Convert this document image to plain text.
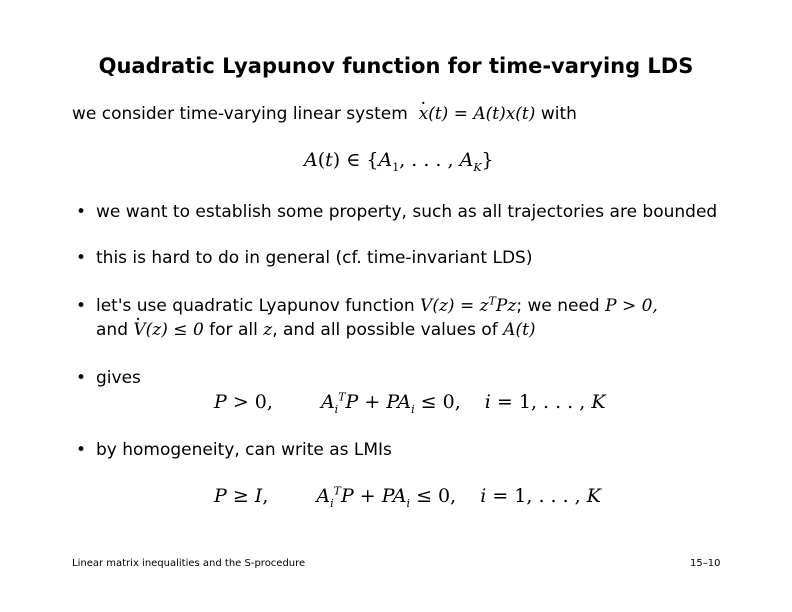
Quadratic Lyapunov function for time-varying LDS
we consider time-varying linear system · x(t) = A(t)x(t) with
A(t) ∈ {$A_1$, . . . , $A_K$}
• we want to establish some property, such as all trajectories are bounded
• this is hard to do in general (cf. time-invariant LDS)
• let's use quadratic Lyapunov function $V(z) = z^TPz$; we need P > 0,
and · V(z) ≤ 0 for all z, and all possible values of A(t)
• gives
P > 0,	$A_i^TP + PA_i \le 0$, i = 1, . . . , K
• by homogeneity, can write as LMIs
P ≥ I,	$A_i^TP + PA_i \le 0$, i = 1, . . . , K
Linear matrix inequalities and the S-procedure	15–10
